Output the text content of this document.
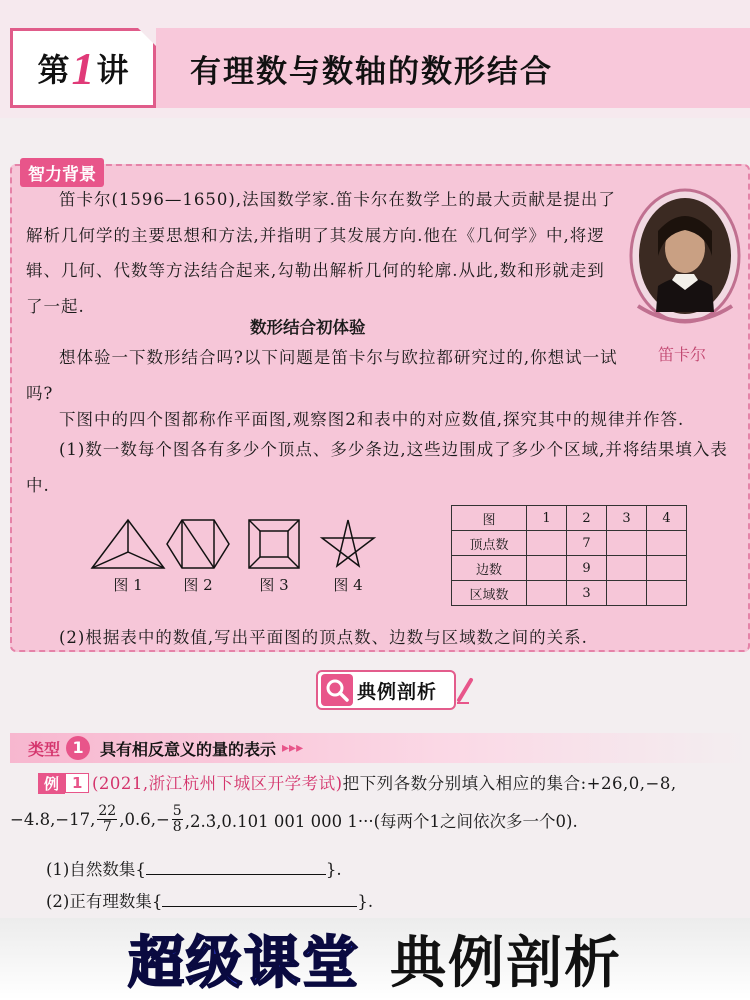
第 1 讲 有理数与数轴的数形结合
智力背景
笛卡尔(1596—1650),法国数学家.笛卡尔在数学上的最大贡献是提出了解析几何学的主要思想和方法,并指明了其发展方向.他在《几何学》中,将逻辑、几何、代数等方法结合起来,勾勒出解析几何的轮廓.从此,数和形就走到了一起.
笛卡尔
数形结合初体验
想体验一下数形结合吗?以下问题是笛卡尔与欧拉都研究过的,你想试一试吗?
下图中的四个图都称作平面图,观察图2和表中的对应数值,探究其中的规律并作答.
(1)数一数每个图各有多少个顶点、多少条边,这些边围成了多少个区域,并将结果填入表中.
图 1	图 2	图 3	图 4
图	1	2	3	4
顶点数		7		
边数		9		
区域数		3		
(2)根据表中的数值,写出平面图的顶点数、边数与区域数之间的关系.
典例剖析
类型 1	具有相反意义的量的表示 ▸▸▸
例 1 (2021,浙江杭州下城区开学考试)把下列各数分别填入相应的集合:+26,0,−8,
−4.8,−17, $\frac{22}{7} ,0.6,- \frac{5}{8}$ ,2.3̇,0.101 001 000 1···(每两个1之间依次多一个0).
(1)自然数集{	}.
(2)正有理数集{	}.
超级课堂 典例剖析
